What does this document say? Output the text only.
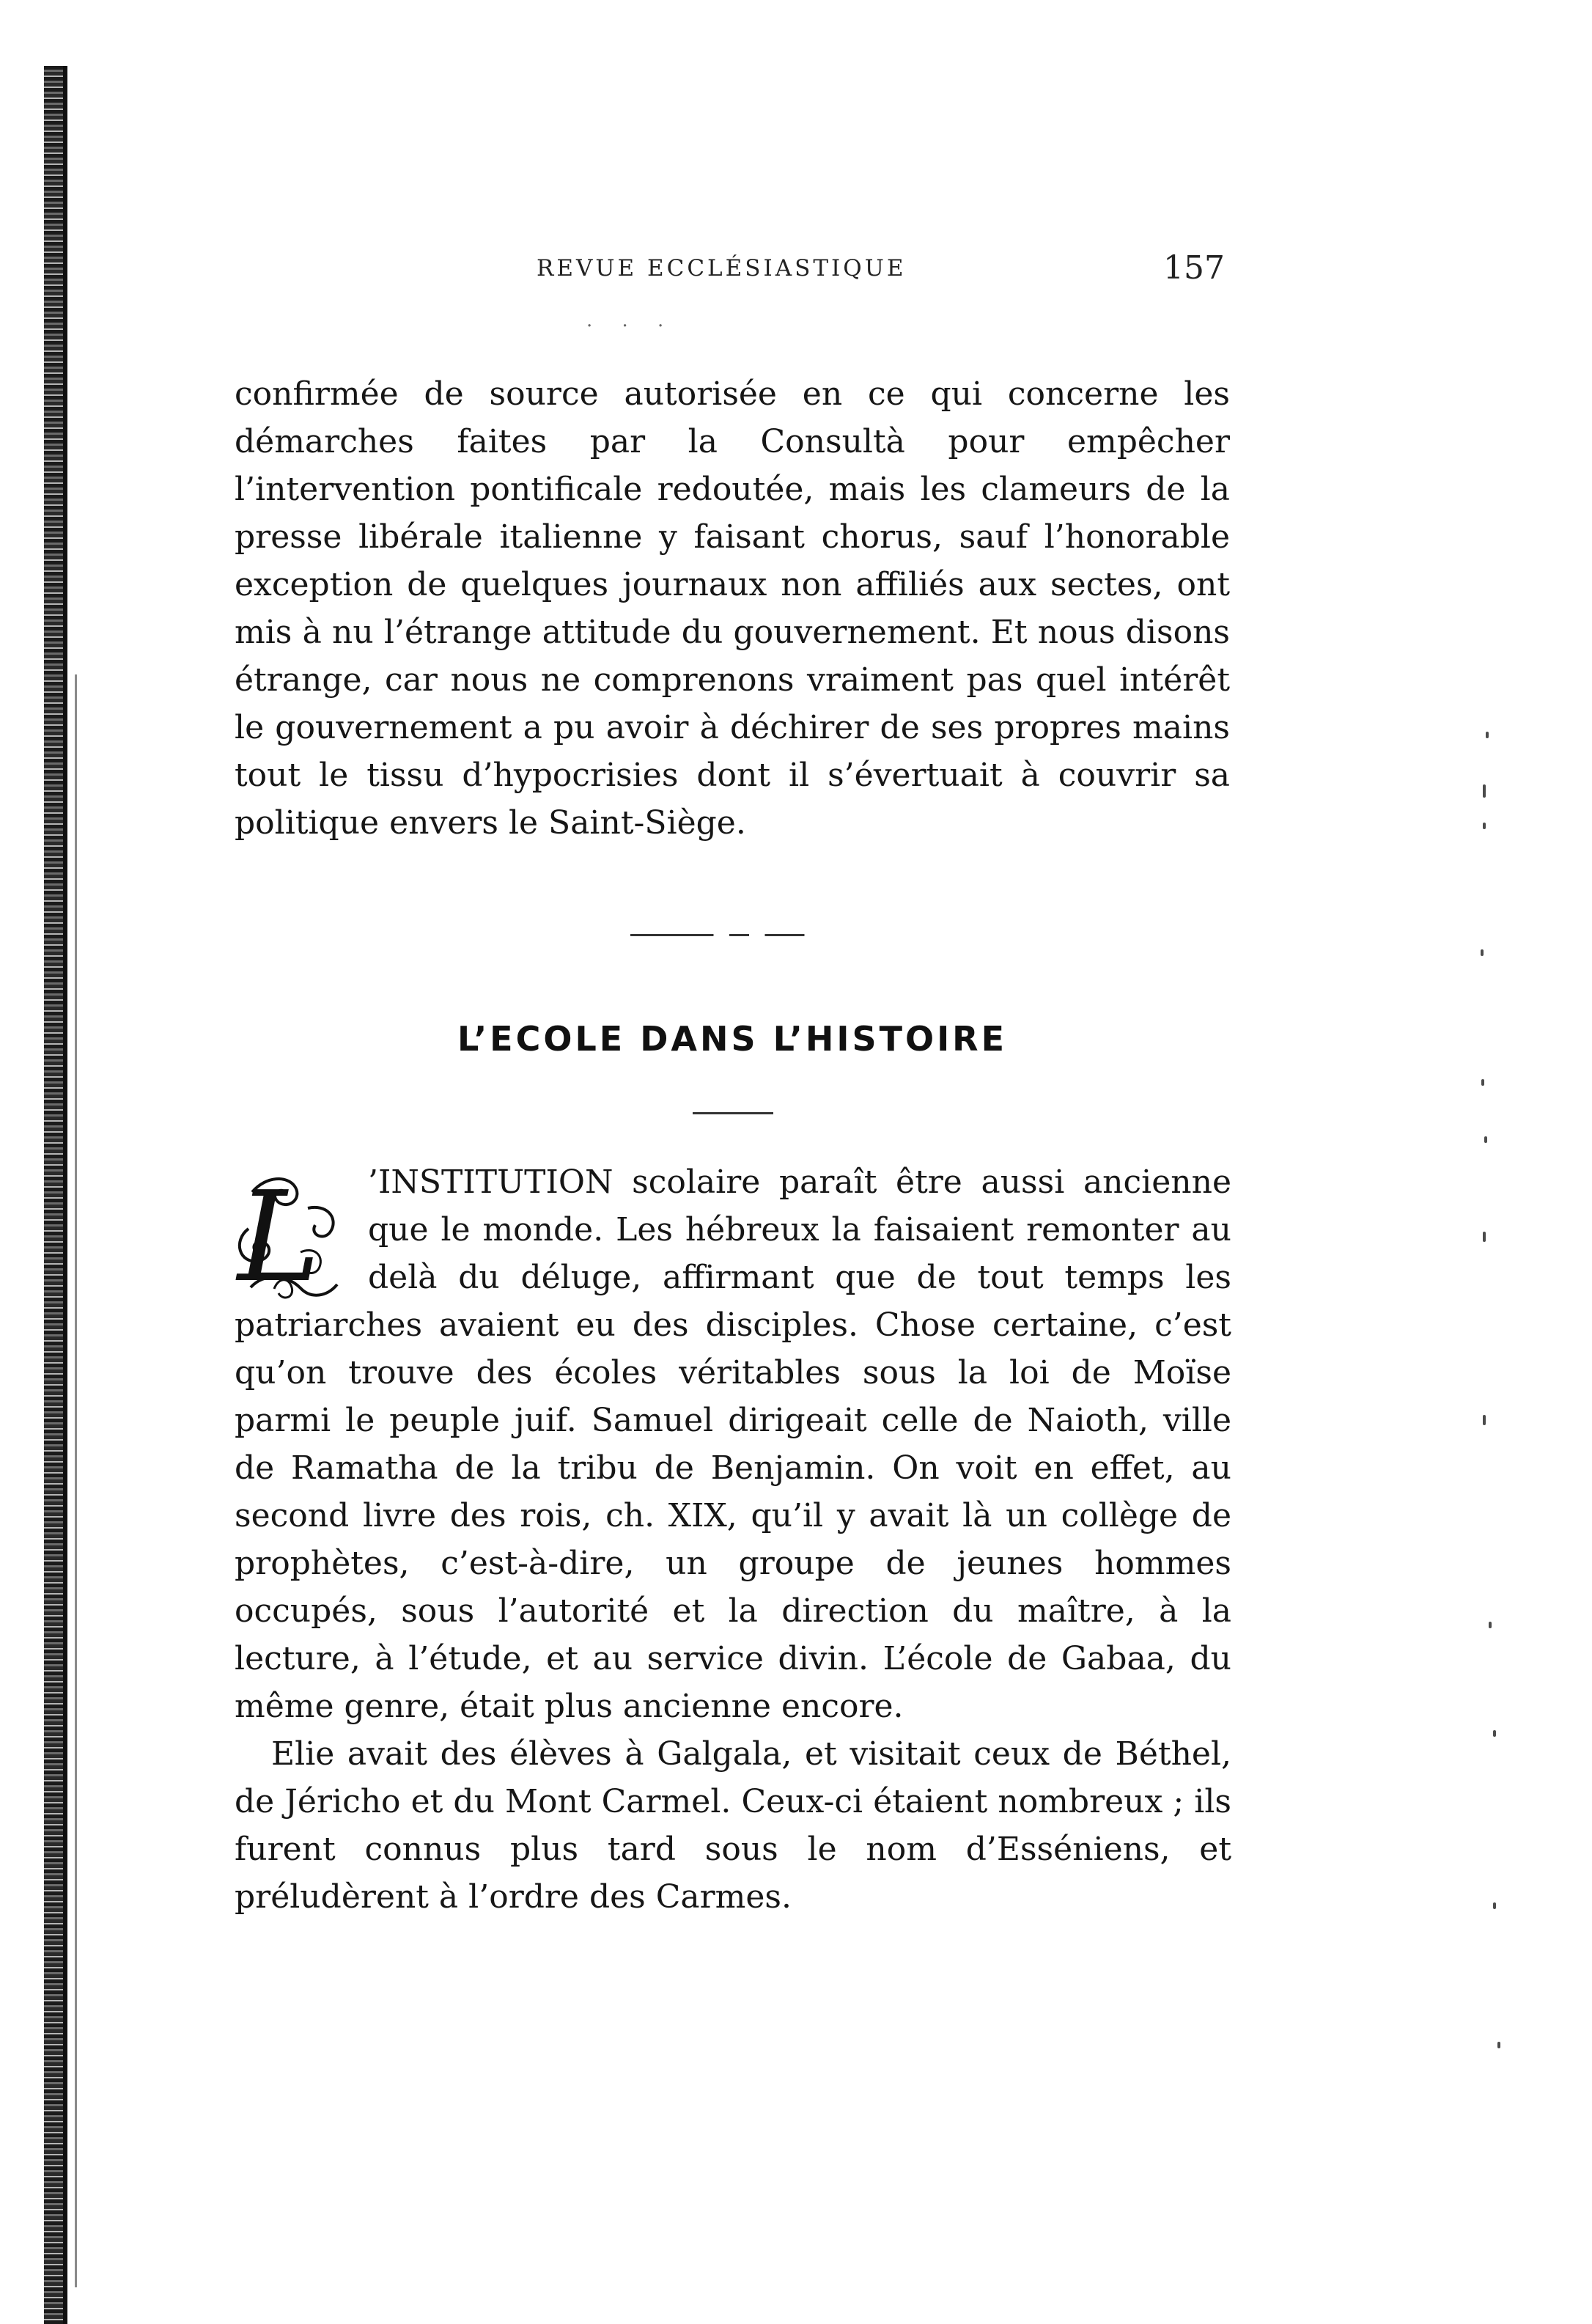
REVUE ECCLÉSIASTIQUE	157
· · ·

confirmée de source autorisée en ce qui concerne les démarches faites par la Consultà pour empêcher l’intervention pontificale redoutée, mais les clameurs de la presse libérale italienne y faisant chorus, sauf l’honorable exception de quelques journaux non affiliés aux sectes, ont mis à nu l’étrange attitude du gouvernement. Et nous disons étrange, car nous ne comprenons vraiment pas quel intérêt le gouvernement a pu avoir à déchirer de ses propres mains tout le tissu d’hypocrisies dont il s’évertuait à couvrir sa politique envers le Saint-Siège.

L’ECOLE DANS L’HISTOIRE
L	’INSTITUTION scolaire paraît être aussi ancienne que le monde. Les hébreux la faisaient remonter au delà du déluge, affirmant que de tout temps les patriarches avaient eu des disciples. Chose certaine, c’est qu’on trouve des écoles véritables sous la loi de Moïse parmi le peuple juif. Samuel dirigeait celle de Naioth, ville de Ramatha de la tribu de Benjamin. On voit en effet, au second livre des rois, ch. XIX, qu’il y avait là un collège de prophètes, c’est-à-dire, un groupe de jeunes hommes occupés, sous l’autorité et la direction du maître, à la lecture, à l’étude, et au service divin. L’école de Gabaa, du même genre, était plus ancienne encore.

Elie avait des élèves à Galgala, et visitait ceux de Béthel, de Jéricho et du Mont Carmel. Ceux-ci étaient nombreux ; ils furent connus plus tard sous le nom d’Esséniens, et préludèrent à l’ordre des Carmes.
